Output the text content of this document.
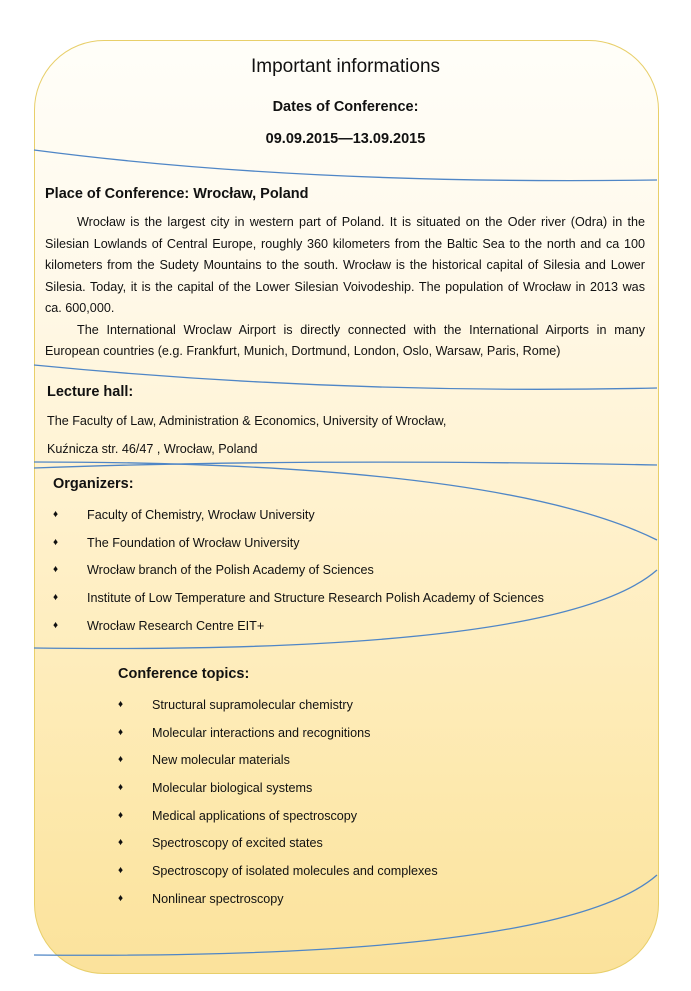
Important informations
Dates of Conference:
09.09.2015—13.09.2015
Place of Conference: Wrocław, Poland

Wrocław is the largest city in western part of Poland. It is situated on the Oder river (Odra) in the Silesian Lowlands of Central Europe, roughly 360 kilometers from the Baltic Sea to the north and ca 100 kilometers from the Sudety Mountains to the south. Wrocław is the historical capital of Silesia and Lower Silesia. Today, it is the capital of the Lower Silesian Voivodeship. The population of Wrocław in 2013 was ca. 600,000.

The International Wroclaw Airport is directly connected with the International Airports in many European countries (e.g. Frankfurt, Munich, Dortmund, London, Oslo, Warsaw, Paris, Rome)

Lecture hall:
The Faculty of Law, Administration & Economics, University of Wrocław,
Kuźnicza str. 46/47 , Wrocław, Poland
Organizers:
♦ Faculty of Chemistry, Wrocław University
♦ The Foundation of Wrocław University
♦ Wrocław branch of the Polish Academy of Sciences
♦ Institute of Low Temperature and Structure Research Polish Academy of Sciences
♦ Wrocław Research Centre EIT+
Conference topics:
♦ Structural supramolecular chemistry
♦ Molecular interactions and recognitions
♦ New molecular materials
♦ Molecular biological systems
♦ Medical applications of spectroscopy
♦ Spectroscopy of excited states
♦ Spectroscopy of isolated molecules and complexes
♦ Nonlinear spectroscopy
